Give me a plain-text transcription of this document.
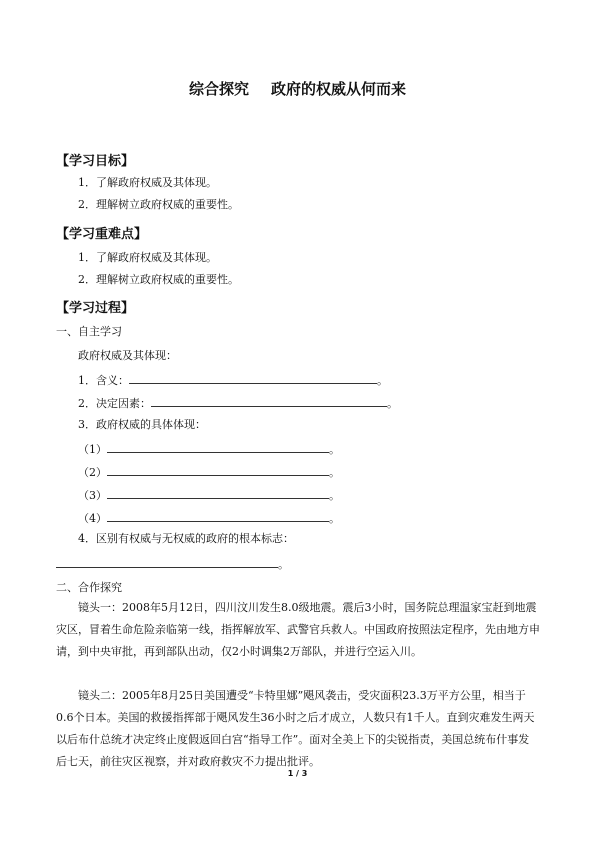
综合探究 政府的权威从何而来
【学习目标】
1．了解政府权威及其体现。
2．理解树立政府权威的重要性。
【学习重难点】
1．了解政府权威及其体现。
2．理解树立政府权威的重要性。
【学习过程】
一、自主学习
政府权威及其体现：
1．含义：	。
2．决定因素：	。
3．政府权威的具体体现：
（1）	。
（2）	。
（3）	。
（4）	。
4．区别有权威与无权威的政府的根本标志：
。
二、合作探究
镜头一：2008年5月12日，四川汶川发生8.0级地震。震后3小时，国务院总理温家宝赶到地震灾区，冒着生命危险亲临第一线，指挥解放军、武警官兵救人。中国政府按照法定程序，先由地方申请，到中央审批，再到部队出动，仅2小时调集2万部队，并进行空运入川。
镜头二：2005年8月25日美国遭受“卡特里娜”飓风袭击，受灾面积23.3万平方公里，相当于0.6个日本。美国的救援指挥部于飓风发生36小时之后才成立，人数只有1千人。直到灾难发生两天以后布什总统才决定终止度假返回白宫“指导工作”。面对全美上下的尖锐指责，美国总统布什事发后七天，前往灾区视察，并对政府救灾不力提出批评。
1 / 3
